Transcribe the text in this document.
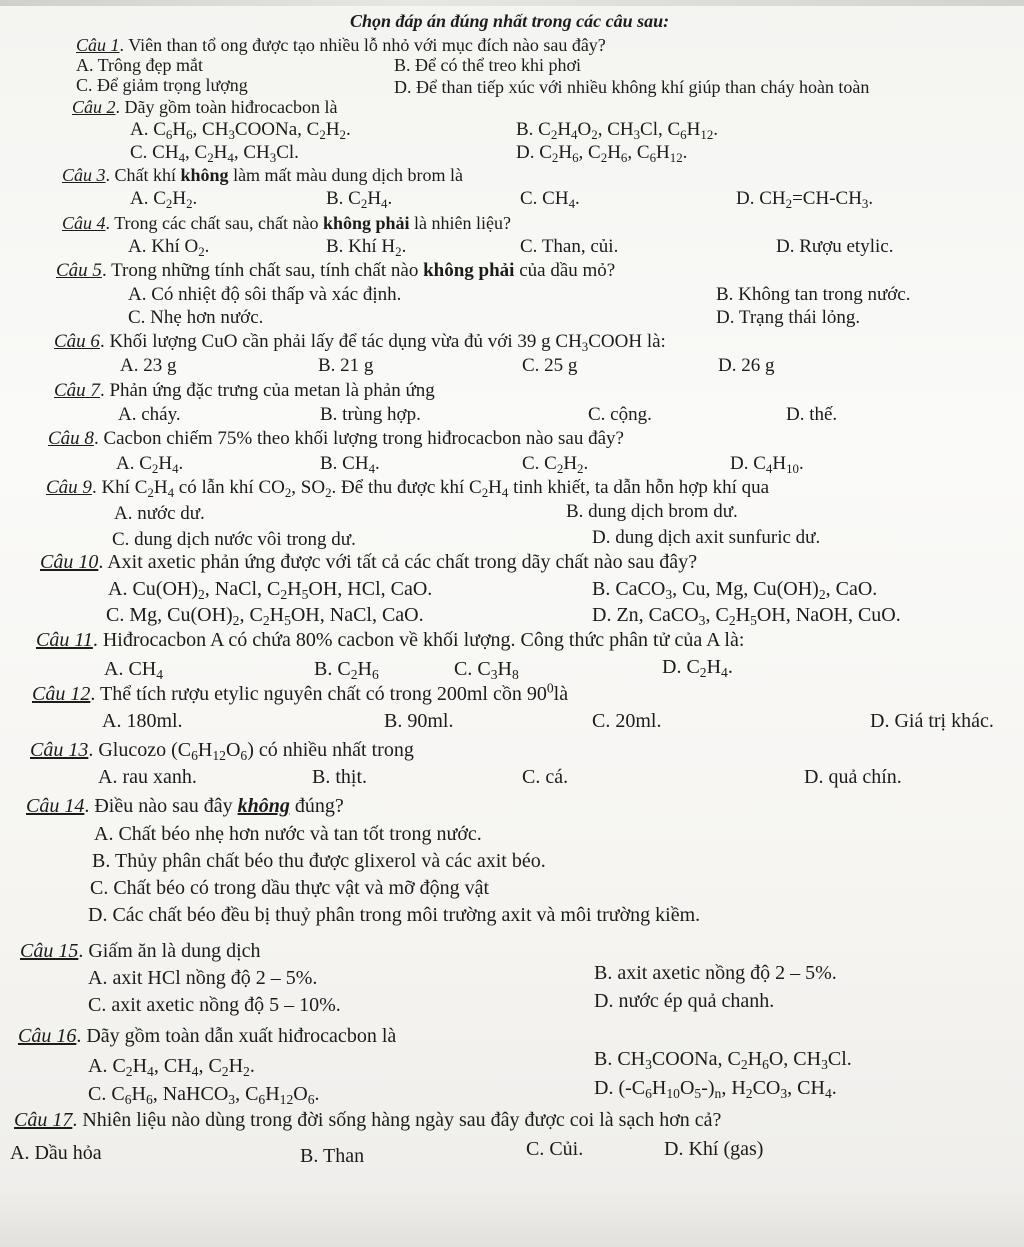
Chọn đáp án đúng nhất trong các câu sau:
Câu 1. Viên than tổ ong được tạo nhiều lỗ nhỏ với mục đích nào sau đây?
A. Trông đẹp mắt	B. Để có thể treo khi phơi
C. Để giảm trọng lượng	D. Để than tiếp xúc với nhiều không khí giúp than cháy hoàn toàn
Câu 2. Dãy gồm toàn hiđrocacbon là
A. $C_6H_6$, $CH_3COONa$, $C_2H_2$.	B. $C_2H_4O_2$, $CH_3Cl$, $C_6H_{12}$.
C. $CH_4$, $C_2H_4$, $CH_3Cl$.	D. $C_2H_6$, $C_2H_6$, $C_6H_{12}$.
Câu 3. Chất khí không làm mất màu dung dịch brom là
A. $C_2H_2$.	B. $C_2H_4$.	C. $CH_4$.	D. $CH_2=CH-CH_3$.
Câu 4. Trong các chất sau, chất nào không phải là nhiên liệu?
A. Khí $O_2$.	B. Khí $H_2$.	C. Than, củi.	D. Rượu etylic.
Câu 5. Trong những tính chất sau, tính chất nào không phải của dầu mỏ?
A. Có nhiệt độ sôi thấp và xác định.	B. Không tan trong nước.
C. Nhẹ hơn nước.	D. Trạng thái lỏng.
Câu 6. Khối lượng CuO cần phải lấy để tác dụng vừa đủ với 39 g $CH_3COOH$ là:
A. 23 g	B. 21 g	C. 25 g	D. 26 g
Câu 7. Phản ứng đặc trưng của metan là phản ứng
A. cháy.	B. trùng hợp.	C. cộng.	D. thế.
Câu 8. Cacbon chiếm 75% theo khối lượng trong hiđrocacbon nào sau đây?
A. $C_2H_4$.	B. $CH_4$.	C. $C_2H_2$.	D. $C_4H_{10}$.
Câu 9. Khí $C_2H_4$ có lẫn khí $CO_2$, $SO_2$. Để thu được khí $C_2H_4$ tinh khiết, ta dẫn hỗn hợp khí qua
A. nước dư.	B. dung dịch brom dư.
C. dung dịch nước vôi trong dư.	D. dung dịch axit sunfuric dư.
Câu 10. Axit axetic phản ứng được với tất cả các chất trong dãy chất nào sau đây?
A. $Cu(OH)_2$, NaCl, $C_2H_5OH$, HCl, CaO.	B. CaCO$_3$, Cu, Mg, $Cu(OH)_2$, CaO.
C. Mg, $Cu(OH)_2$, $C_2H_5OH$, NaCl, CaO.	D. Zn, CaCO$_3$, $C_2H_5OH$, NaOH, CuO.
Câu 11. Hiđrocacbon A có chứa 80% cacbon về khối lượng. Công thức phân tử của A là:
A. $CH_4$	B. $C_2H_6$	C. $C_3H_8$	D. $C_2H_4$.
Câu 12. Thể tích rượu etylic nguyên chất có trong 200ml cồn $90^0là$
A. 180ml.	B. 90ml.	C. 20ml.	D. Giá trị khác.
Câu 13. Glucozo $(C_6H_{12}O_6)$ có nhiều nhất trong
A. rau xanh.	B. thịt.	C. cá.	D. quả chín.
Câu 14. Điều nào sau đây không đúng?
A. Chất béo nhẹ hơn nước và tan tốt trong nước.
B. Thủy phân chất béo thu được glixerol và các axit béo.
C. Chất béo có trong dầu thực vật và mỡ động vật
D. Các chất béo đều bị thuỷ phân trong môi trường axit và môi trường kiềm.
Câu 15. Giấm ăn là dung dịch
A. axit HCl nồng độ 2 – 5%.	B. axit axetic nồng độ 2 – 5%.
C. axit axetic nồng độ 5 – 10%.	D. nước ép quả chanh.
Câu 16. Dãy gồm toàn dẫn xuất hiđrocacbon là
A. $C_2H_4$, $CH_4$, $C_2H_2$.	B. $CH_3COONa$, $C_2H_6O$, $CH_3Cl$.
C. $C_6H_6$, NaHCO$_3$, $C_6H_{12}O_6$.	D. $(-C_6H_{10}O_5-)_n$, $H_2CO_3$, $CH_4$.
Câu 17. Nhiên liệu nào dùng trong đời sống hàng ngày sau đây được coi là sạch hơn cả?
A. Dầu hỏa	B. Than	C. Củi.	D. Khí (gas)
